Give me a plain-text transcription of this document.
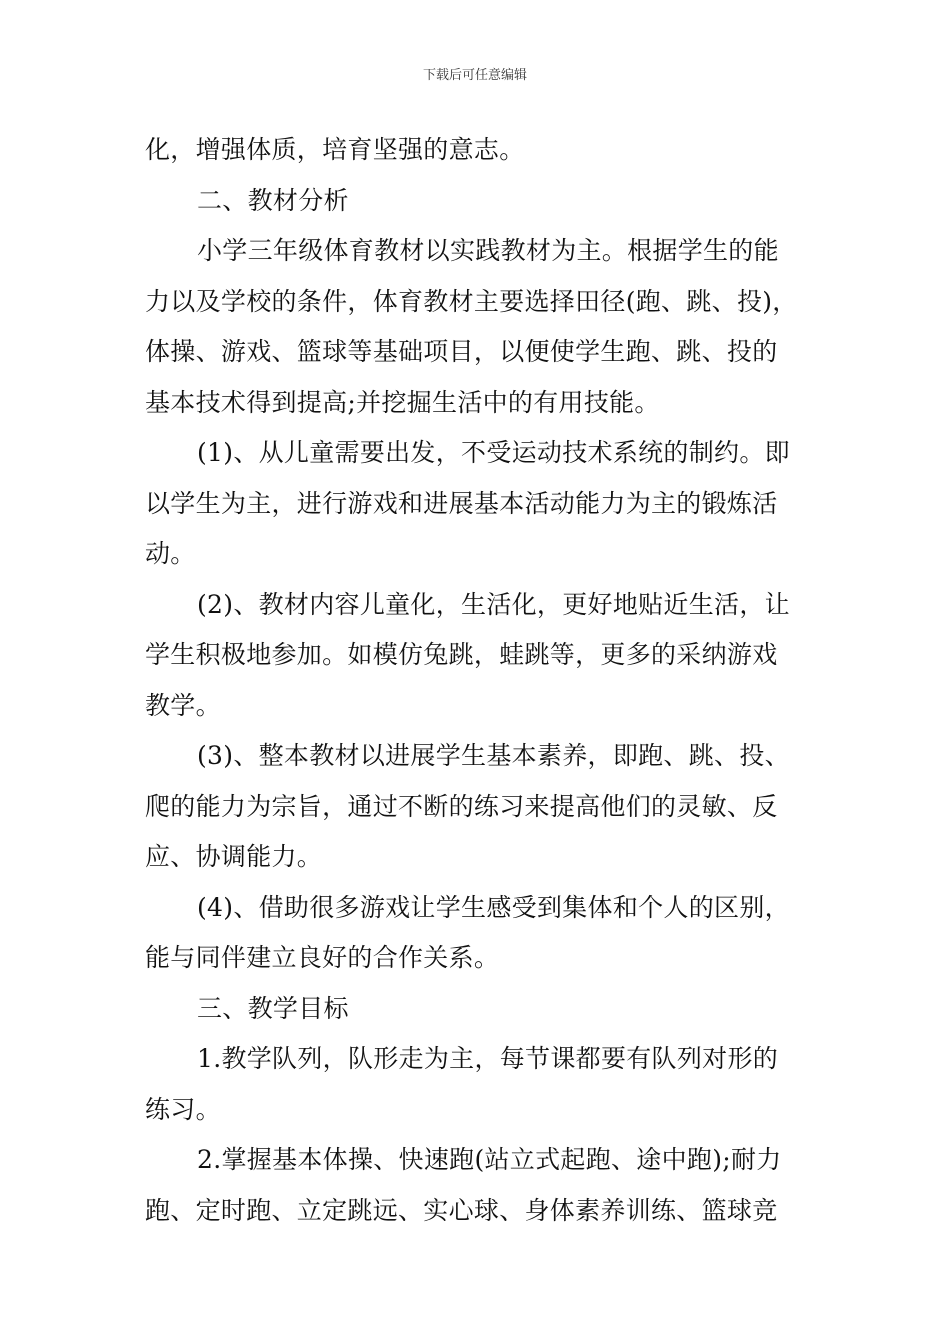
下载后可任意编辑
化，增强体质，培育坚强的意志。
二、教材分析
小学三年级体育教材以实践教材为主。根据学生的能
力以及学校的条件，体育教材主要选择田径(跑、跳、投)，
体操、游戏、篮球等基础项目，以便使学生跑、跳、投的
基本技术得到提高;并挖掘生活中的有用技能。
(1)、从儿童需要出发，不受运动技术系统的制约。即
以学生为主，进行游戏和进展基本活动能力为主的锻炼活
动。
(2)、教材内容儿童化，生活化，更好地贴近生活，让
学生积极地参加。如模仿兔跳，蛙跳等，更多的采纳游戏
教学。
(3)、整本教材以进展学生基本素养，即跑、跳、投、
爬的能力为宗旨，通过不断的练习来提高他们的灵敏、反
应、协调能力。
(4)、借助很多游戏让学生感受到集体和个人的区别，
能与同伴建立良好的合作关系。
三、教学目标
1.教学队列，队形走为主，每节课都要有队列对形的
练习。
2.掌握基本体操、快速跑(站立式起跑、途中跑);耐力
跑、定时跑、立定跳远、实心球、身体素养训练、篮球竞
